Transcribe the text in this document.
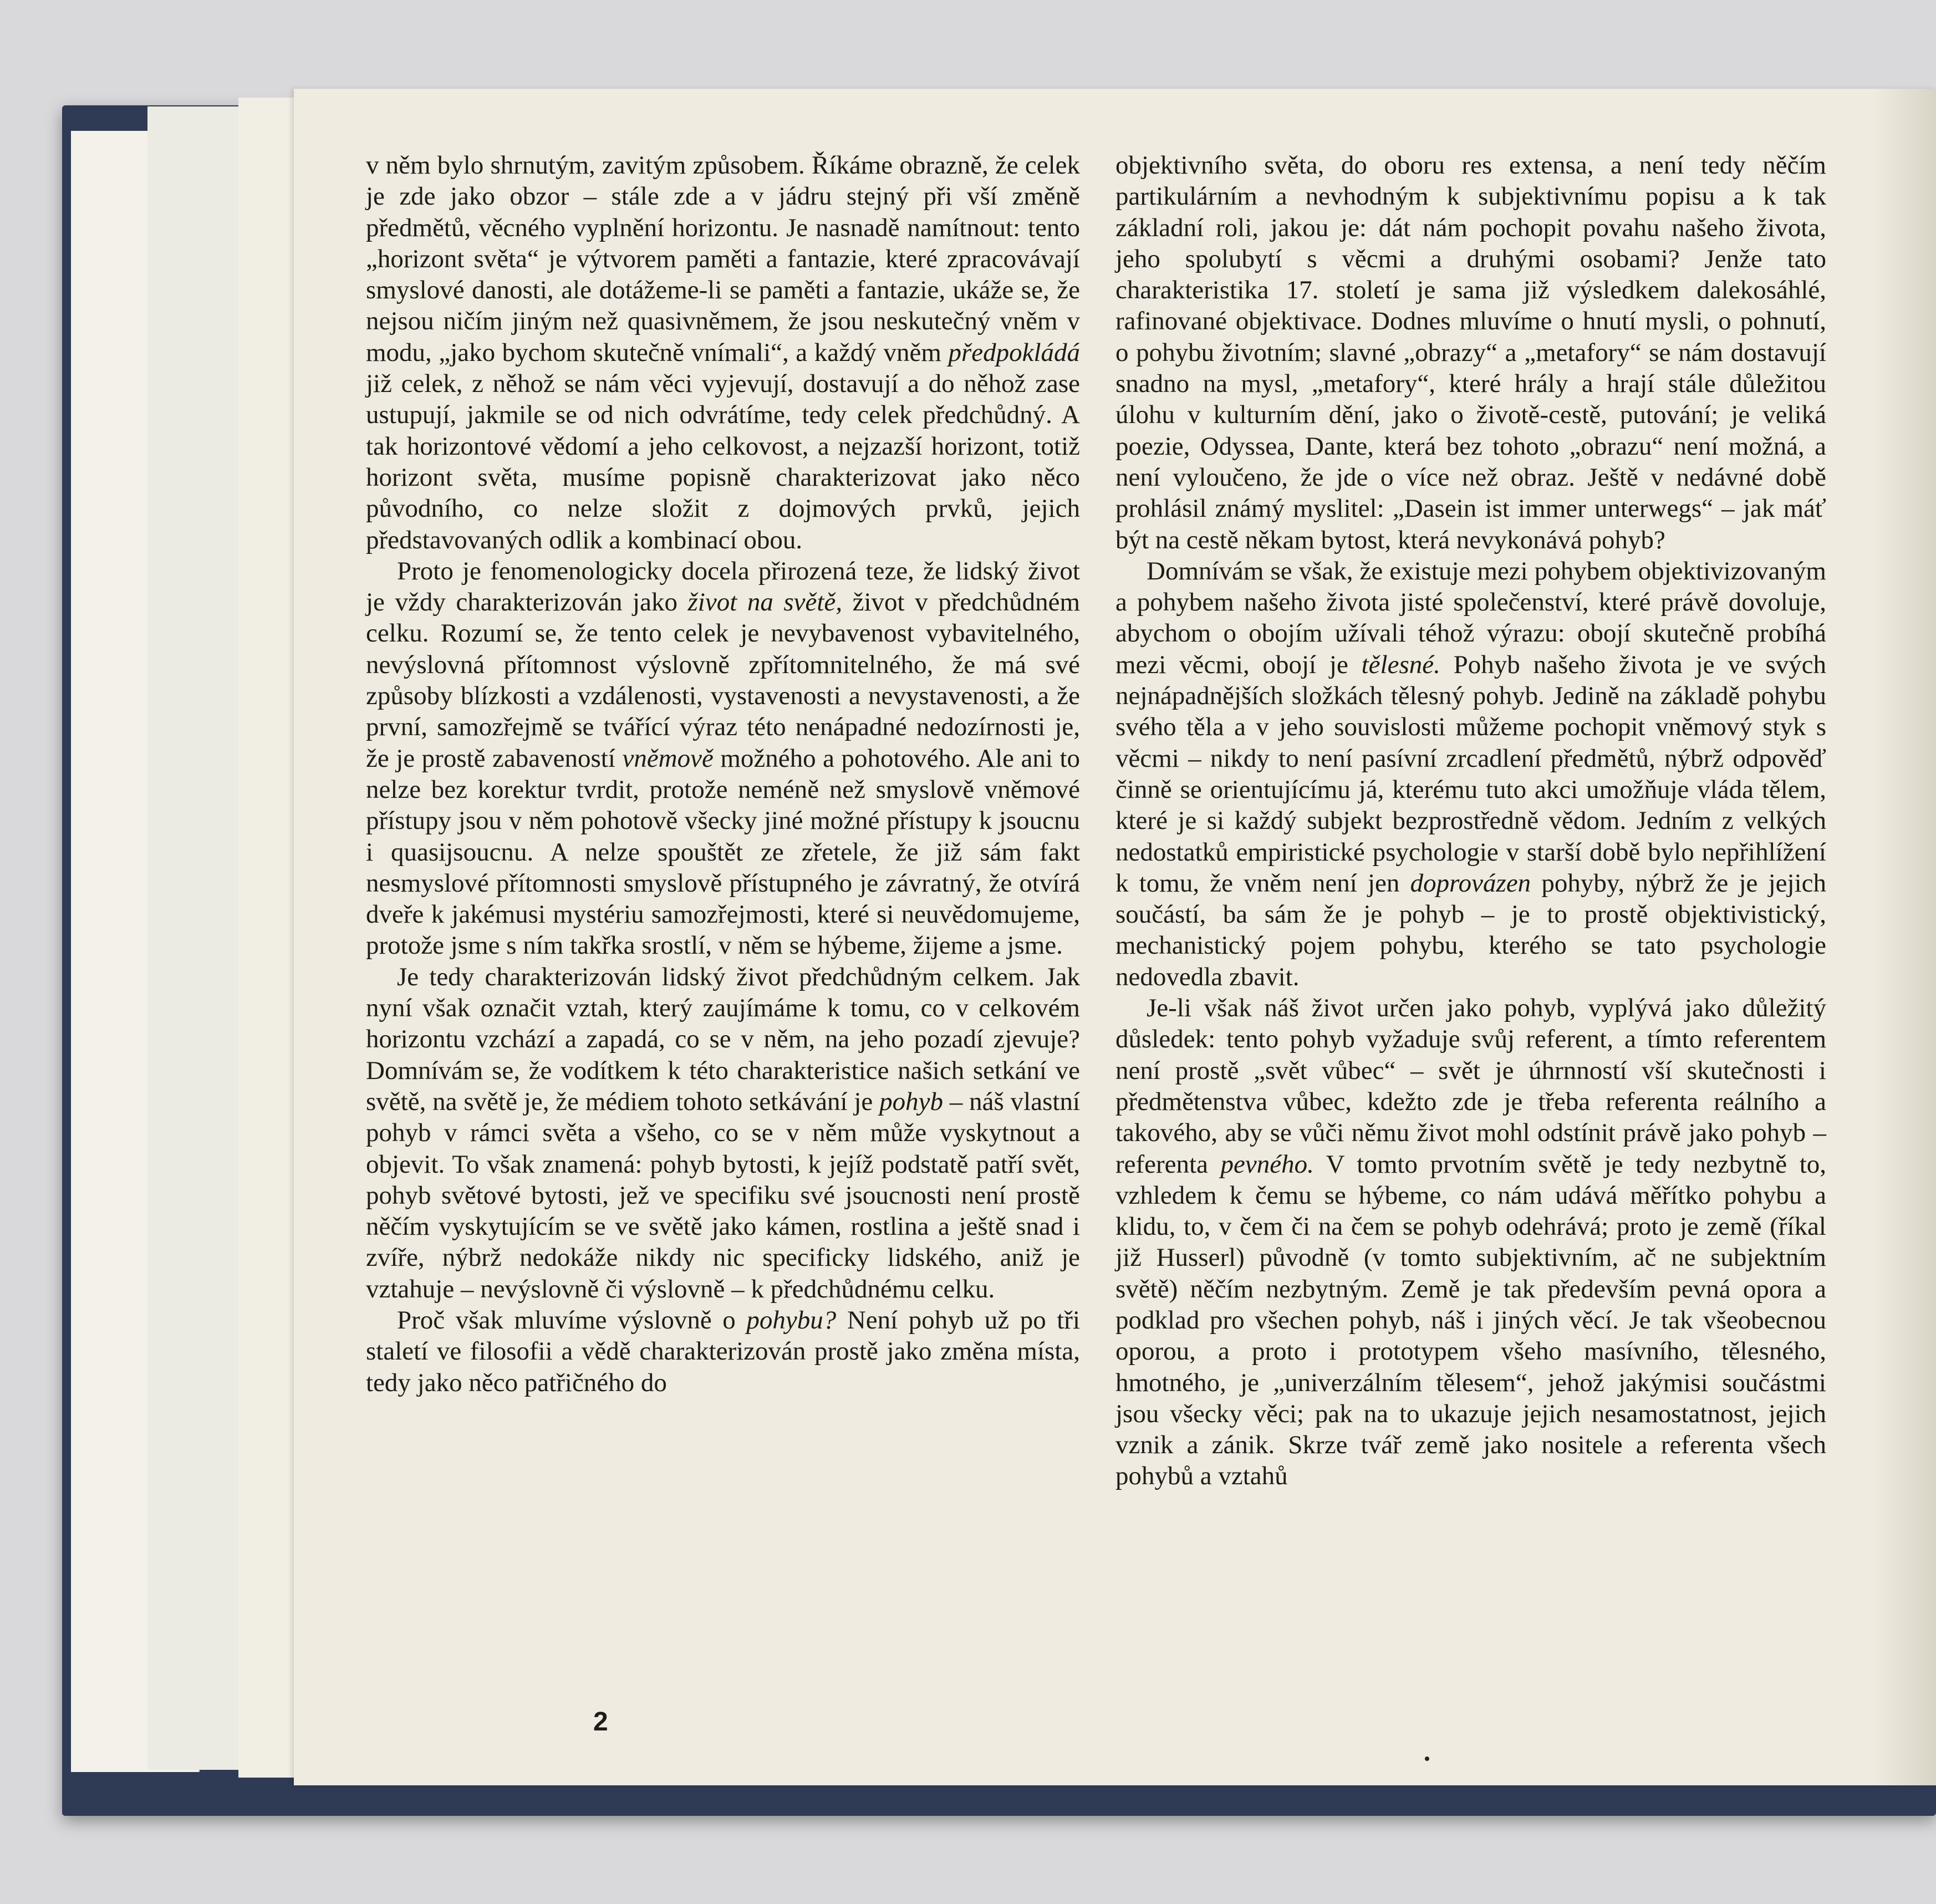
v něm bylo shrnutým, zavitým způsobem. Říkáme obrazně, že celek je zde jako obzor – stále zde a v jádru stejný při vší změně předmětů, věcného vyplnění horizontu. Je nasnadě namítnout: tento „horizont světa“ je výtvorem paměti a fantazie, které zpracovávají smyslové danosti, ale dotážeme-li se paměti a fantazie, ukáže se, že nejsou ničím jiným než quasivněmem, že jsou neskutečný vněm v modu, „jako bychom skutečně vnímali“, a každý vněm předpokládá již celek, z něhož se nám věci vyjevují, dostavují a do něhož zase ustupují, jakmile se od nich odvrátíme, tedy celek předchůdný. A tak horizontové vědomí a jeho celkovost, a nejzazší horizont, totiž horizont světa, musíme popisně charakterizovat jako něco původního, co nelze složit z dojmových prvků, jejich představovaných odlik a kombinací obou.

Proto je fenomenologicky docela přirozená teze, že lidský život je vždy charakterizován jako život na světě, život v předchůdném celku. Rozumí se, že tento celek je nevybavenost vybavitelného, nevýslovná přítomnost výslovně zpřítomnitelného, že má své způsoby blízkosti a vzdálenosti, vystavenosti a nevystavenosti, a že první, samozřejmě se tvářící výraz této nenápadné nedozírnosti je, že je prostě zabaveností vněmově možného a pohotového. Ale ani to nelze bez korektur tvrdit, protože neméně než smyslově vněmové přístupy jsou v něm pohotově všecky jiné možné přístupy k jsoucnu i quasijsoucnu. A nelze spouštět ze zřetele, že již sám fakt nesmyslové přítomnosti smyslově přístupného je závratný, že otvírá dveře k jakémusi mystériu samozřejmosti, které si neuvědomujeme, protože jsme s ním takřka srostlí, v něm se hýbeme, žijeme a jsme.

Je tedy charakterizován lidský život předchůdným celkem. Jak nyní však označit vztah, který zaujímáme k tomu, co v celkovém horizontu vzchází a zapadá, co se v něm, na jeho pozadí zjevuje? Domnívám se, že vodítkem k této charakteristice našich setkání ve světě, na světě je, že médiem tohoto setkávání je pohyb – náš vlastní pohyb v rámci světa a všeho, co se v něm může vyskytnout a objevit. To však znamená: pohyb bytosti, k jejíž podstatě patří svět, pohyb světové bytosti, jež ve specifiku své jsoucnosti není prostě něčím vyskytujícím se ve světě jako kámen, rostlina a ještě snad i zvíře, nýbrž nedokáže nikdy nic specificky lidského, aniž je vztahuje – nevýslovně či výslovně – k předchůdnému celku.

Proč však mluvíme výslovně o pohybu? Není pohyb už po tři staletí ve filosofii a vědě charakterizován prostě jako změna místa, tedy jako něco patřičného do

objektivního světa, do oboru res extensa, a není tedy něčím partikulárním a nevhodným k subjektivnímu popisu a k tak základní roli, jakou je: dát nám pochopit povahu našeho života, jeho spolubytí s věcmi a druhými osobami? Jenže tato charakteristika 17. století je sama již výsledkem dalekosáhlé, rafinované objektivace. Dodnes mluvíme o hnutí mysli, o pohnutí, o pohybu životním; slavné „obrazy“ a „metafory“ se nám dostavují snadno na mysl, „metafory“, které hrály a hrají stále důležitou úlohu v kulturním dění, jako o životě-cestě, putování; je veliká poezie, Odyssea, Dante, která bez tohoto „obrazu“ není možná, a není vyloučeno, že jde o více než obraz. Ještě v nedávné době prohlásil známý myslitel: „Dasein ist immer unterwegs“ – jak máť být na cestě někam bytost, která nevykonává pohyb?

Domnívám se však, že existuje mezi pohybem objektivizovaným a pohybem našeho života jisté společenství, které právě dovoluje, abychom o obojím užívali téhož výrazu: obojí skutečně probíhá mezi věcmi, obojí je tělesné. Pohyb našeho života je ve svých nejnápadnějších složkách tělesný pohyb. Jedině na základě pohybu svého těla a v jeho souvislosti můžeme pochopit vněmový styk s věcmi – nikdy to není pasívní zrcadlení předmětů, nýbrž odpověď činně se orientujícímu já, kterému tuto akci umožňuje vláda tělem, které je si každý subjekt bezprostředně vědom. Jedním z velkých nedostatků empiristické psychologie v starší době bylo nepřihlížení k tomu, že vněm není jen doprovázen pohyby, nýbrž že je jejich součástí, ba sám že je pohyb – je to prostě objektivistický, mechanistický pojem pohybu, kterého se tato psychologie nedovedla zbavit.

Je-li však náš život určen jako pohyb, vyplývá jako důležitý důsledek: tento pohyb vyžaduje svůj referent, a tímto referentem není prostě „svět vůbec“ – svět je úhrnností vší skutečnosti i předmětenstva vůbec, kdežto zde je třeba referenta reálního a takového, aby se vůči němu život mohl odstínit právě jako pohyb – referenta pevného. V tomto prvotním světě je tedy nezbytně to, vzhledem k čemu se hýbeme, co nám udává měřítko pohybu a klidu, to, v čem či na čem se pohyb odehrává; proto je země (říkal již Husserl) původně (v tomto subjektivním, ač ne subjektním světě) něčím nezbytným. Země je tak především pevná opora a podklad pro všechen pohyb, náš i jiných věcí. Je tak všeobecnou oporou, a proto i prototypem všeho masívního, tělesného, hmotného, je „univerzálním tělesem“, jehož jakýmisi součástmi jsou všecky věci; pak na to ukazuje jejich nesamostatnost, jejich vznik a zánik. Skrze tvář země jako nositele a referenta všech pohybů a vztahů

2
